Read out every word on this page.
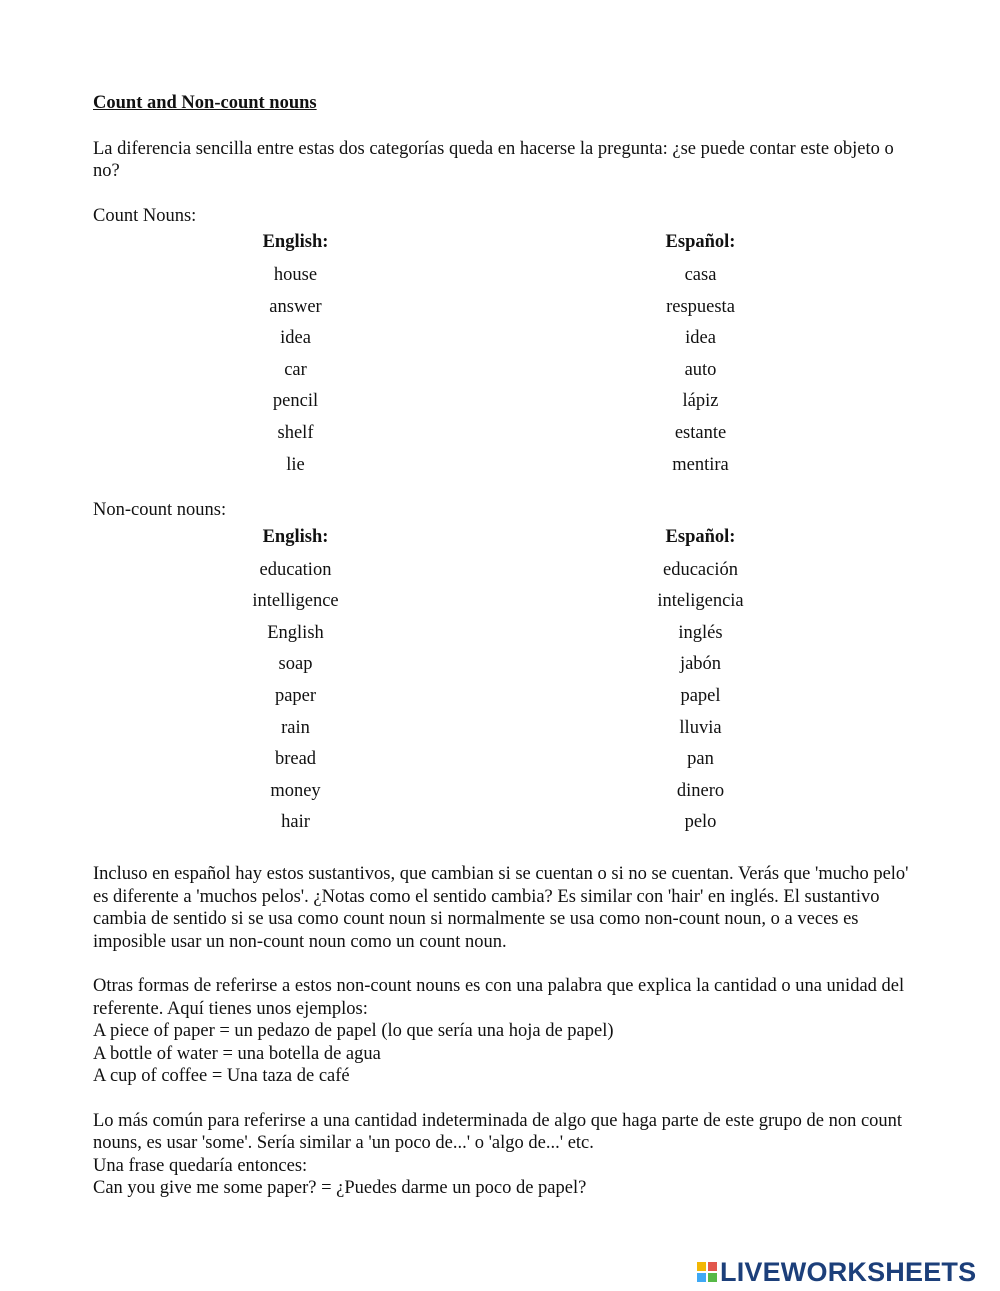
Count and Non-count nouns

La diferencia sencilla entre estas dos categorías queda en hacerse la pregunta: ¿se puede contar este objeto o no?

Count Nouns:

English:	Español:
house	casa
answer	respuesta
idea	idea
car	auto
pencil	lápiz
shelf	estante
lie	mentira

Non-count nouns:

English:	Español:
education	educación
intelligence	inteligencia
English	inglés
soap	jabón
paper	papel
rain	lluvia
bread	pan
money	dinero
hair	pelo

Incluso en español hay estos sustantivos, que cambian si se cuentan o si no se cuentan. Verás que 'mucho pelo' es diferente a 'muchos pelos'. ¿Notas como el sentido cambia? Es similar con 'hair' en inglés. El sustantivo cambia de sentido si se usa como count noun si normalmente se usa como non-count noun, o a veces es imposible usar un non-count noun como un count noun.

Otras formas de referirse a estos non-count nouns es con una palabra que explica la cantidad o una unidad del referente. Aquí tienes unos ejemplos:
A piece of paper = un pedazo de papel (lo que sería una hoja de papel)
A bottle of water = una botella de agua
A cup of coffee = Una taza de café
Lo más común para referirse a una cantidad indeterminada de algo que haga parte de este grupo de non count nouns, es usar 'some'. Sería similar a 'un poco de...' o 'algo de...' etc.
Una frase quedaría entonces:
Can you give me some paper? = ¿Puedes darme un poco de papel?
LIVEWORKSHEETS
